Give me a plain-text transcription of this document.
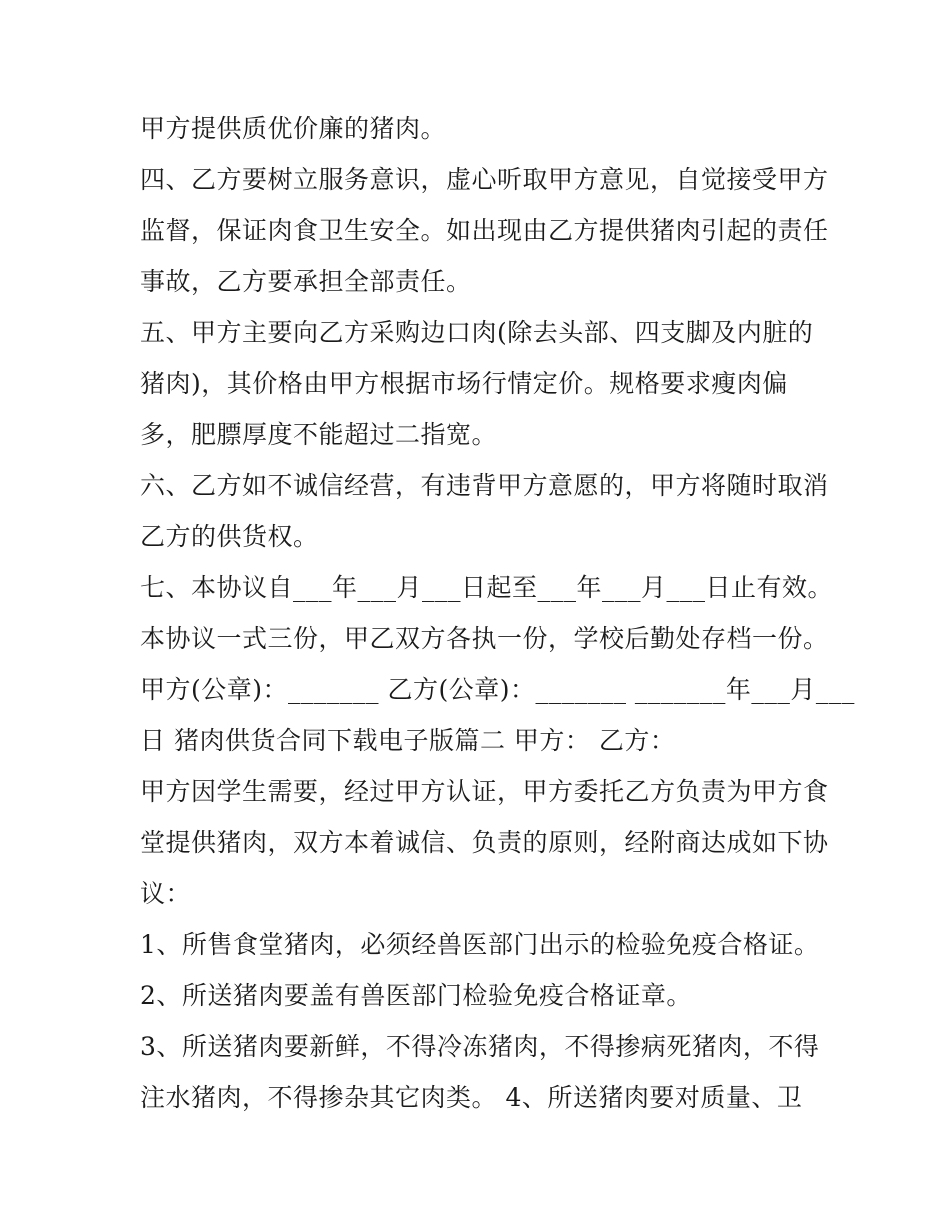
甲方提供质优价廉的猪肉。

四、乙方要树立服务意识，虚心听取甲方意见，自觉接受甲方

监督，保证肉食卫生安全。如出现由乙方提供猪肉引起的责任

事故，乙方要承担全部责任。

五、甲方主要向乙方采购边口肉(除去头部、四支脚及内脏的

猪肉)，其价格由甲方根据市场行情定价。规格要求瘦肉偏

多，肥膘厚度不能超过二指宽。

六、乙方如不诚信经营，有违背甲方意愿的，甲方将随时取消

乙方的供货权。

七、本协议自___年___月___日起至___年___月___日止有效。

本协议一式三份，甲乙双方各执一份，学校后勤处存档一份。

甲方(公章)：_______ 乙方(公章)：_______ _______年___月___

日 猪肉供货合同下载电子版篇二 甲方： 乙方：

甲方因学生需要，经过甲方认证，甲方委托乙方负责为甲方食

堂提供猪肉，双方本着诚信、负责的原则，经附商达成如下协

议：

1、所售食堂猪肉，必须经兽医部门出示的检验免疫合格证。

2、所送猪肉要盖有兽医部门检验免疫合格证章。

3、所送猪肉要新鲜，不得冷冻猪肉，不得掺病死猪肉，不得

注水猪肉，不得掺杂其它肉类。 4、所送猪肉要对质量、卫
